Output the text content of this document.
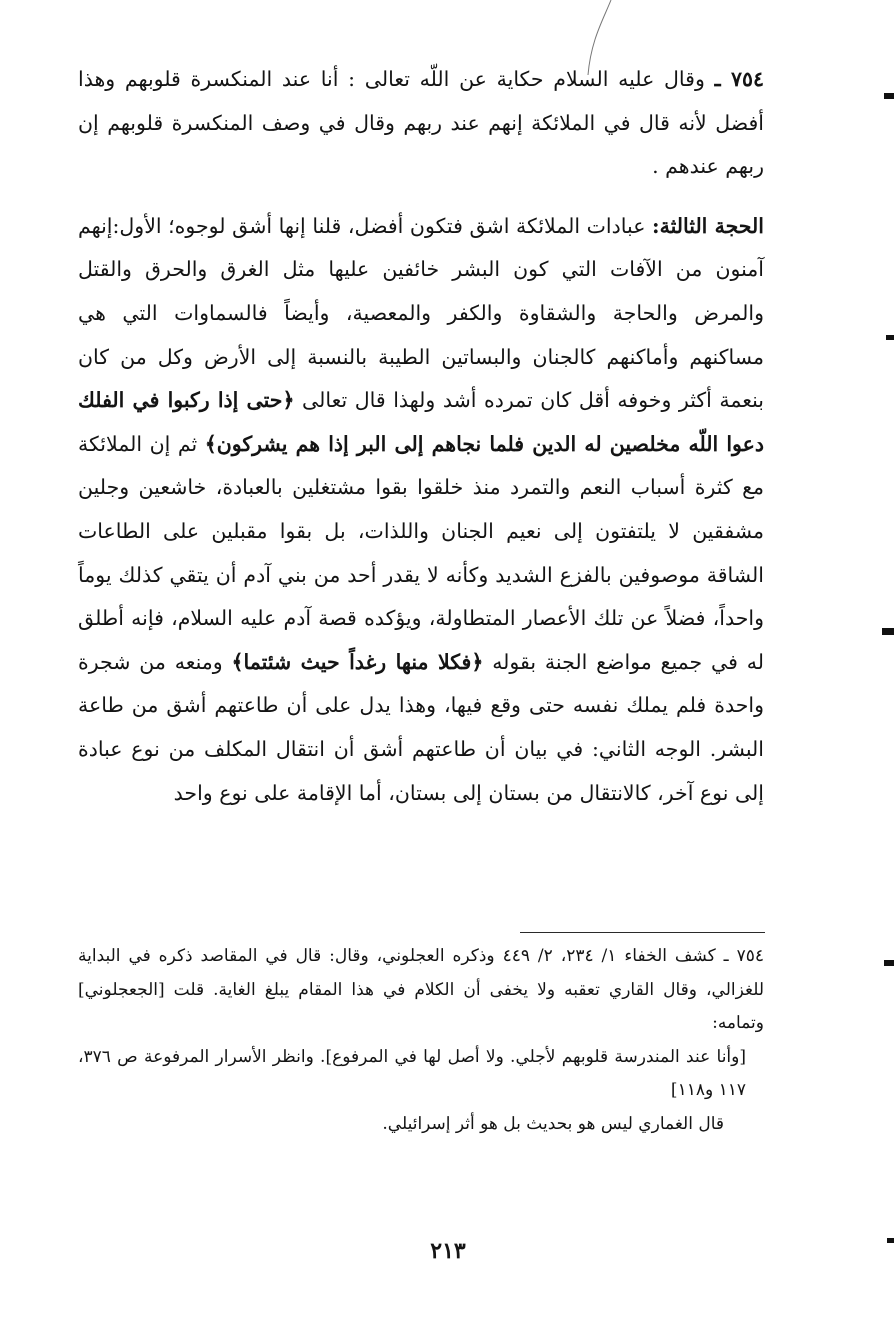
٧٥٤ ـ وقال عليه السلام حكاية عن اللّه تعالى : أنا عند المنكسرة قلوبهم وهذا أفضل لأنه قال في الملائكة إنهم عند ربهم وقال في وصف المنكسرة قلوبهم إن ربهم عندهم .

الحجة الثالثة: عبادات الملائكة اشق فتكون أفضل، قلنا إنها أشق لوجوه؛ الأول:إنهم آمنون من الآفات التي كون البشر خائفين عليها مثل الغرق والحرق والقتل والمرض والحاجة والشقاوة والكفر والمعصية، وأيضاً فالسماوات التي هي مساكنهم وأماكنهم كالجنان والبساتين الطيبة بالنسبة إلى الأرض وكل من كان بنعمة أكثر وخوفه أقل كان تمرده أشد ولهذا قال تعالى ﴿حتى إذا ركبوا في الفلك دعوا اللّه مخلصين له الدين فلما نجاهم إلى البر إذا هم يشركون﴾ ثم إن الملائكة مع كثرة أسباب النعم والتمرد منذ خلقوا بقوا مشتغلين بالعبادة، خاشعين وجلين مشفقين لا يلتفتون إلى نعيم الجنان واللذات، بل بقوا مقبلين على الطاعات الشاقة موصوفين بالفزع الشديد وكأنه لا يقدر أحد من بني آدم أن يتقي كذلك يوماً واحداً، فضلاً عن تلك الأعصار المتطاولة، ويؤكده قصة آدم عليه السلام، فإنه أطلق له في جميع مواضع الجنة بقوله ﴿فكلا منها رغداً حيث شئتما﴾ ومنعه من شجرة واحدة فلم يملك نفسه حتى وقع فيها، وهذا يدل على أن طاعتهم أشق من طاعة البشر. الوجه الثاني: في بيان أن طاعتهم أشق أن انتقال المكلف من نوع عبادة إلى نوع آخر، كالانتقال من بستان إلى بستان، أما الإقامة على نوع واحد

٧٥٤ ـ كشف الخفاء ١/ ٢٣٤، ٢/ ٤٤٩ وذكره العجلوني، وقال: قال في المقاصد ذكره في البداية للغزالي، وقال القاري تعقبه ولا يخفى أن الكلام في هذا المقام يبلغ الغاية. قلت [الجعجلوني] وتمامه:

[وأنا عند المندرسة قلوبهم لأجلي. ولا أصل لها في المرفوع]. وانظر الأسرار المرفوعة ص ٣٧٦، ١١٧ و١١٨]

قال الغماري ليس هو بحديث بل هو أثر إسرائيلي.

٢١٣
